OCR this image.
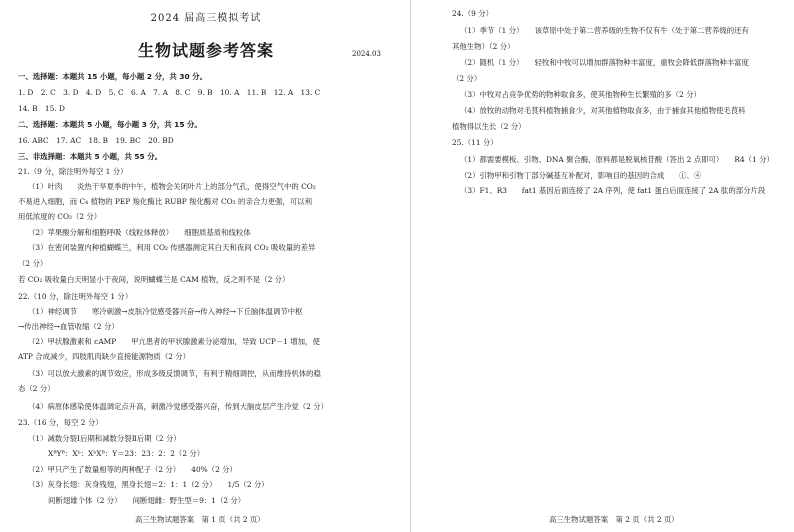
2024 届高三模拟考试
生物试题参考答案	2024.03
一、选择题：本题共 15 小题，每小题 2 分，共 30 分。
1. D　2. C　3. D　4. D　5. C　6. A　7. A　8. C　9. B　10. A　11. B　12. A　13. C
14. B　15. D
二、选择题：本题共 5 小题，每小题 3 分，共 15 分。
16. ABC　17. AC　18. B　19. BC　20. BD
三、非选择题：本题共 5 小题，共 55 分。
21.（9 分，除注明外每空 1 分）
（1）叶肉　　炎热干旱夏季的中午，植物会关闭叶片上的部分气孔，使得空气中的 CO₂
不易进入细胞，而 C₄ 植物的 PEP 羧化酶比 RUBP 羧化酶对 CO₂ 的亲合力更强，可以利
用低浓度的 CO₂（2 分）
（2）苹果酸分解和细胞呼吸（线粒体释放）　　细胞质基质和线粒体
（3）在密闭装置内种植蝴蝶兰，利用 CO₂ 传感器测定其白天和夜间 CO₂ 吸收量的差异
（2 分）
若 CO₂ 吸收量白天明显小于夜间，说明蝴蝶兰是 CAM 植物，反之则不是（2 分）
22.（10 分，除注明外每空 1 分）
（1）神经调节　　寒冷刺激→皮肤冷觉感受器兴奋→传入神经→下丘脑体温调节中枢
→传出神经→血管收缩（2 分）
（2）甲状腺激素和 cAMP　　甲亢患者的甲状腺激素分泌增加，导致 UCP－1 增加，使
ATP 合成减少，四肢肌肉缺少直接能源物质（2 分）
（3）可以放大激素的调节效应，形成多级反馈调节，有利于精细调控，从而维持机体的稳
态（2 分）
（4）病原体感染使体温调定点升高，刺激冷觉感受器兴奋，传到大脑皮层产生冷觉（2 分）
23.（16 分，每空 2 分）
（1）减数分裂Ⅰ后期和减数分裂Ⅱ后期（2 分）
XᴮYᴮ：Xᵇ：XᵇXᴮ：Y＝23：23：2：2（2 分）
（2）甲只产生了数量相等的两种配子（2 分）　　40%（2 分）
（3）灰身长翅：灰身残翅，黑身长翅＝2：1：1（2 分）　　1/5（2 分）
间断翅雄个体（2 分）　　间断翅雌：野生型＝9：1（2 分）
高三生物试题答案　第 1 页（共 2 页）
24.（9 分）
（1）季节（1 分）　　该草原中处于第二营养级的生物不仅有牛（处于第二营养级的还有
其他生物）（2 分）
（2）随机（1 分）　　轻牧和中牧可以增加群落物种丰富度，重牧会降低群落物种丰富度
（2 分）
（3）中牧对占竞争优势的物种取食多，使其他物种生长繁殖的多（2 分）
（4）放牧的动物对毛茛科植物捕食少，对其他植物取食多，由于捕食其他植物使毛茛科
植物得以生长（2 分）
25.（11 分）
（1）都需要模板、引物、DNA 聚合酶，原料都是脱氧核苷酸（答出 2 点即可）　　R4（1 分）
（2）引物甲和引物丁部分碱基互补配对，影响目的基因的合成　　①、④
（3）F1、R3　　fat1 基因后面连接了 2A 序列，使 fat1 蛋白后面连接了 2A 肽的部分片段
高三生物试题答案　第 2 页（共 2 页）
